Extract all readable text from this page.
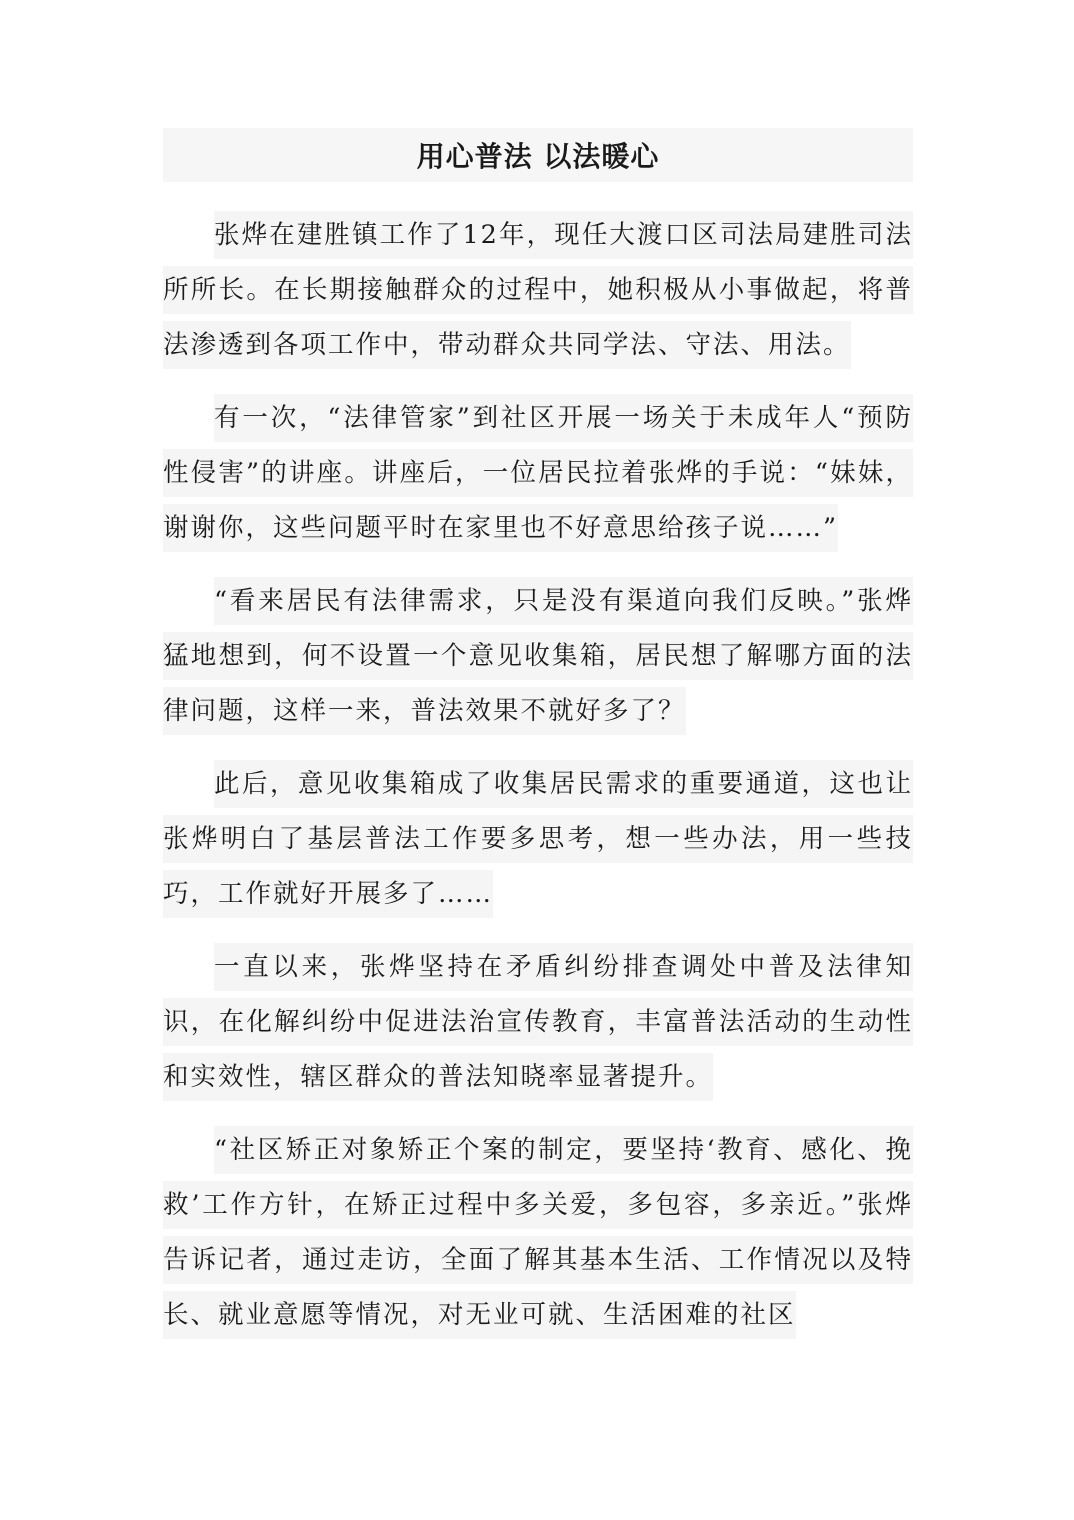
用心普法 以法暖心

张烨在建胜镇工作了12年，现任大渡口区司法局建胜司法所所长。在长期接触群众的过程中，她积极从小事做起，将普法渗透到各项工作中，带动群众共同学法、守法、用法。

有一次，“法律管家”到社区开展一场关于未成年人“预防性侵害”的讲座。讲座后，一位居民拉着张烨的手说：“妹妹，谢谢你，这些问题平时在家里也不好意思给孩子说……”

“看来居民有法律需求，只是没有渠道向我们反映。”张烨猛地想到，何不设置一个意见收集箱，居民想了解哪方面的法律问题，这样一来，普法效果不就好多了？

此后，意见收集箱成了收集居民需求的重要通道，这也让张烨明白了基层普法工作要多思考，想一些办法，用一些技巧，工作就好开展多了……

一直以来，张烨坚持在矛盾纠纷排查调处中普及法律知识，在化解纠纷中促进法治宣传教育，丰富普法活动的生动性和实效性，辖区群众的普法知晓率显著提升。

“社区矫正对象矫正个案的制定，要坚持‘教育、感化、挽救’工作方针，在矫正过程中多关爱，多包容，多亲近。”张烨告诉记者，通过走访，全面了解其基本生活、工作情况以及特长、就业意愿等情况，对无业可就、生活困难的社区
